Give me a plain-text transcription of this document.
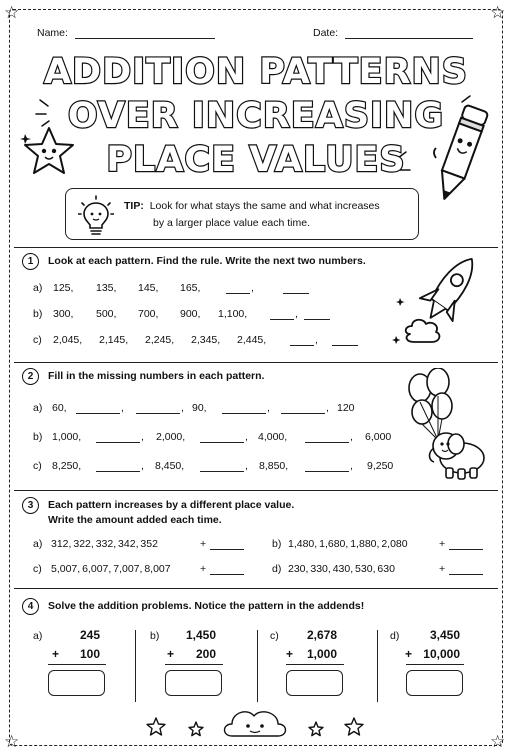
☆	☆
☆	☆
Name:	Date:
ADDITION PATTERNS
OVER INCREASING
PLACE VALUES
TIP: Look for what stays the same and what increases
by a larger place value each time.
1	Look at each pattern. Find the rule. Write the next two numbers.
a) 125, 135, 145, 165,	,
b) 300, 500, 700, 900, 1,100,	,
c) 2,045, 2,145, 2,245, 2,345, 2,445,	,
2	Fill in the missing numbers in each pattern.
a) 60,	,	, 90,	,	, 120
b) 1,000,	, 2,000,	, 4,000,	, 6,000
c) 8,250,	, 8,450,	, 8,850,	, 9,250
3	Each pattern increases by a different place value.
Write the amount added each time.
a) 312, 322, 332, 342, 352	+	b) 1,480, 1,680, 1,880, 2,080	+
c) 5,007, 6,007, 7,007, 8,007	+	d) 230, 330, 430, 530, 630	+
4	Solve the addition problems. Notice the pattern in the addends!
a)	245
+	100
b)	1,450
+	200
c)	2,678
+	1,000
d)	3,450
+ 10,000
